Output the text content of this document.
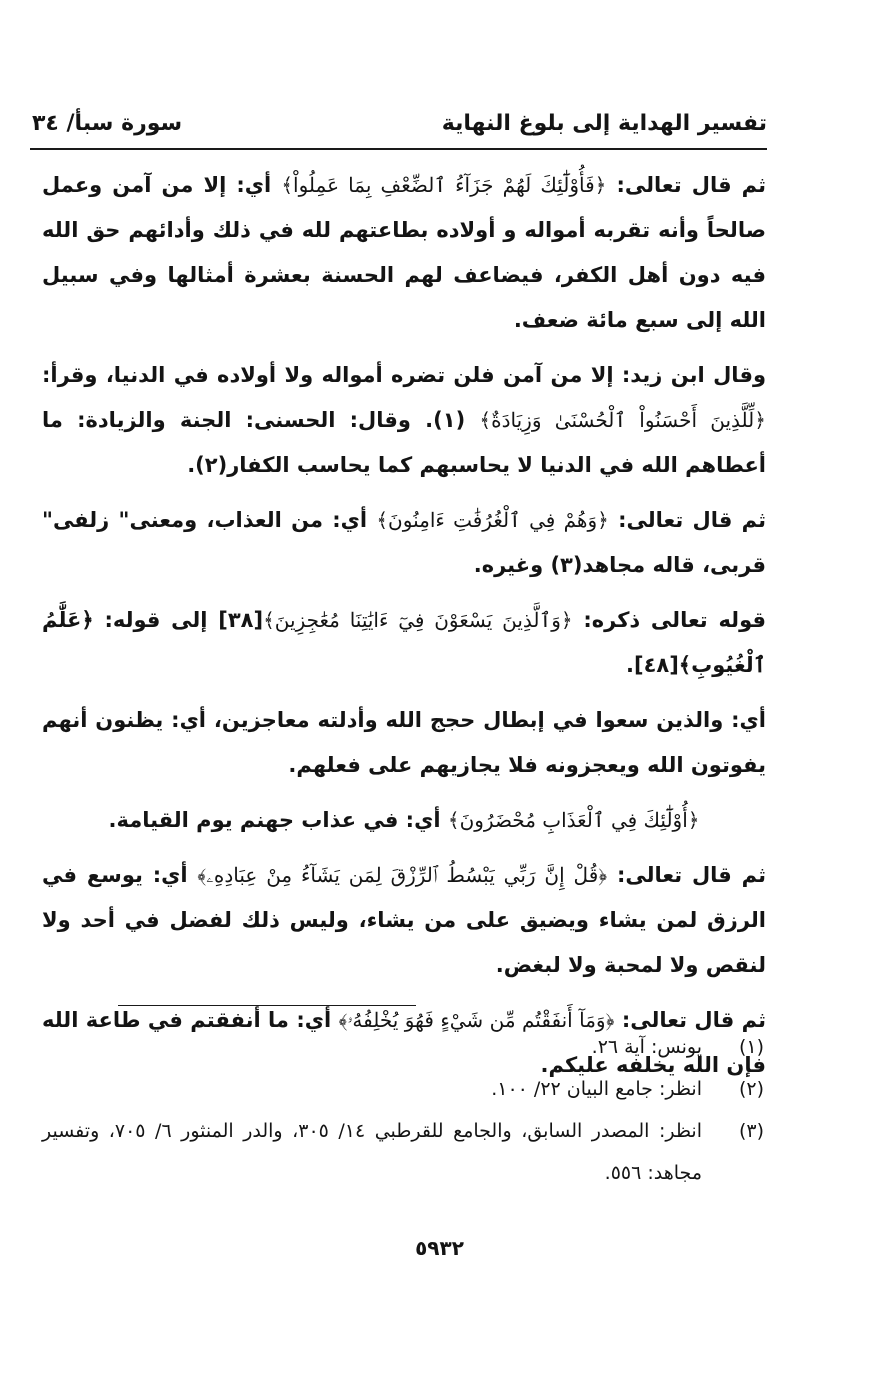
تفسير الهداية إلى بلوغ النهاية
سورة سبأ/ ٣٤

ثم قال تعالى: ﴿فَأُوْلَٰٓئِكَ لَهُمْ جَزَآءُ ٱلضِّعْفِ بِمَا عَمِلُواْ﴾ أي: إلا من آمن وعمل صالحاً وأنه تقربه أمواله و أولاده بطاعتهم لله في ذلك وأدائهم حق الله فيه دون أهل الكفر، فيضاعف لهم الحسنة بعشرة أمثالها وفي سبيل الله إلى سبع مائة ضعف.

وقال ابن زيد: إلا من آمن فلن تضره أمواله ولا أولاده في الدنيا، وقرأ: ﴿لِّلَّذِينَ أَحْسَنُواْ ٱلْحُسْنَىٰ وَزِيَادَةٌ﴾ (١). وقال: الحسنى: الجنة والزيادة: ما أعطاهم الله في الدنيا لا يحاسبهم كما يحاسب الكفار(٢).

ثم قال تعالى: ﴿وَهُمْ فِي ٱلْغُرُفَٰتِ ءَامِنُونَ﴾ أي: من العذاب، ومعنى" زلفى" قربى، قاله مجاهد(٣) وغيره.

قوله تعالى ذكره: ﴿وَٱلَّذِينَ يَسْعَوْنَ فِيٓ ءَايَٰتِنَا مُعَٰجِزِينَ﴾[٣٨] إلى قوله: ﴿عَلَّٰمُ ٱلْغُيُوبِ﴾[٤٨].

أي: والذين سعوا في إبطال حجج الله وأدلته معاجزين، أي: يظنون أنهم يفوتون الله ويعجزونه فلا يجازيهم على فعلهم.

﴿أُوْلَٰٓئِكَ فِي ٱلْعَذَابِ مُحْضَرُونَ﴾ أي: في عذاب جهنم يوم القيامة.

ثم قال تعالى: ﴿قُلْ إِنَّ رَبِّي يَبْسُطُ ٱلرِّزْقَ لِمَن يَشَآءُ مِنْ عِبَادِهِۦ﴾ أي: يوسع في الرزق لمن يشاء ويضيق على من يشاء، وليس ذلك لفضل في أحد ولا لنقص ولا لمحبة ولا لبغض.

ثم قال تعالى: ﴿وَمَآ أَنفَقْتُم مِّن شَيْءٍ فَهُوَ يُخْلِفُهُۥ﴾ أي: ما أنفقتم في طاعة الله فإن الله يخلفه عليكم.

(١)
يونس: آية ٢٦.
(٢)
انظر: جامع البيان ٢٢/ ١٠٠.
(٣)
انظر: المصدر السابق، والجامع للقرطبي ١٤/ ٣٠٥، والدر المنثور ٦/ ٧٠٥، وتفسير مجاهد: ٥٥٦.
٥٩٣٢
